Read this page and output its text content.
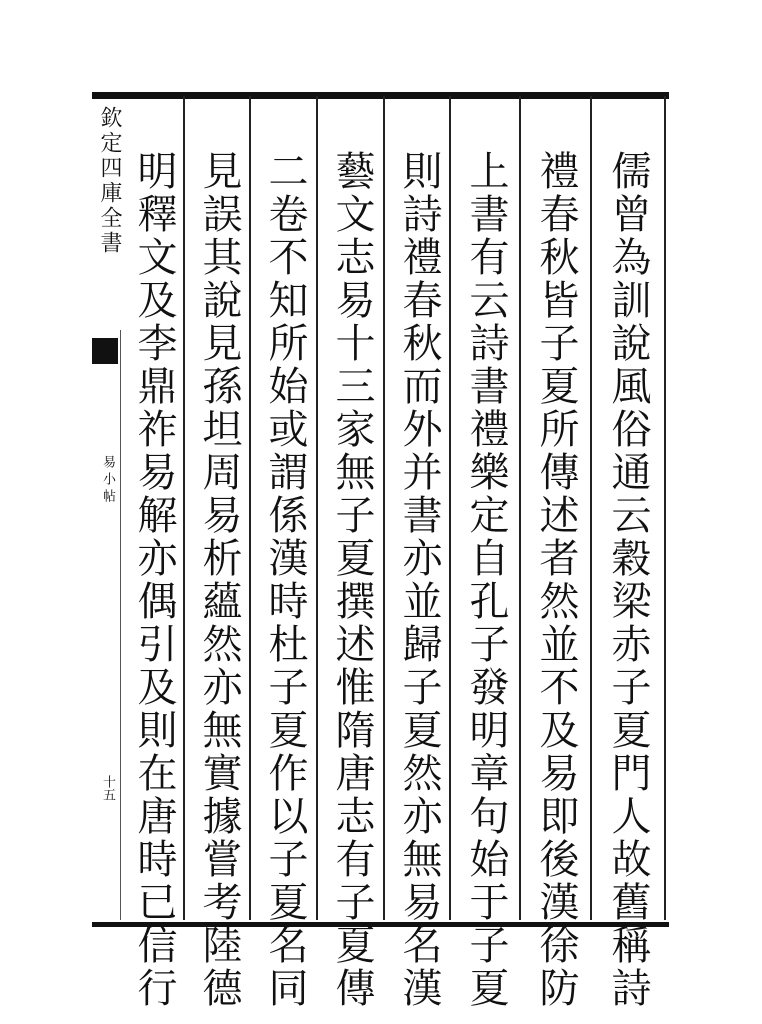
欽定四庫全書
易小帖
十五	儒曾為訓說風俗通云穀梁赤子夏門人故舊稱詩
禮春秋皆子夏所傳述者然並不及易即後漢徐防
上書有云詩書禮樂定自孔子發明章句始于子夏
則詩禮春秋而外并書亦並歸子夏然亦無易名漢
藝文志易十三家無子夏撰述惟隋唐志有子夏傳
二卷不知所始或謂係漢時杜子夏作以子夏名同
見誤其說見孫坦周易析蘊然亦無實據嘗考陸德
明釋文及李鼎祚易解亦偶引及則在唐時已信行
